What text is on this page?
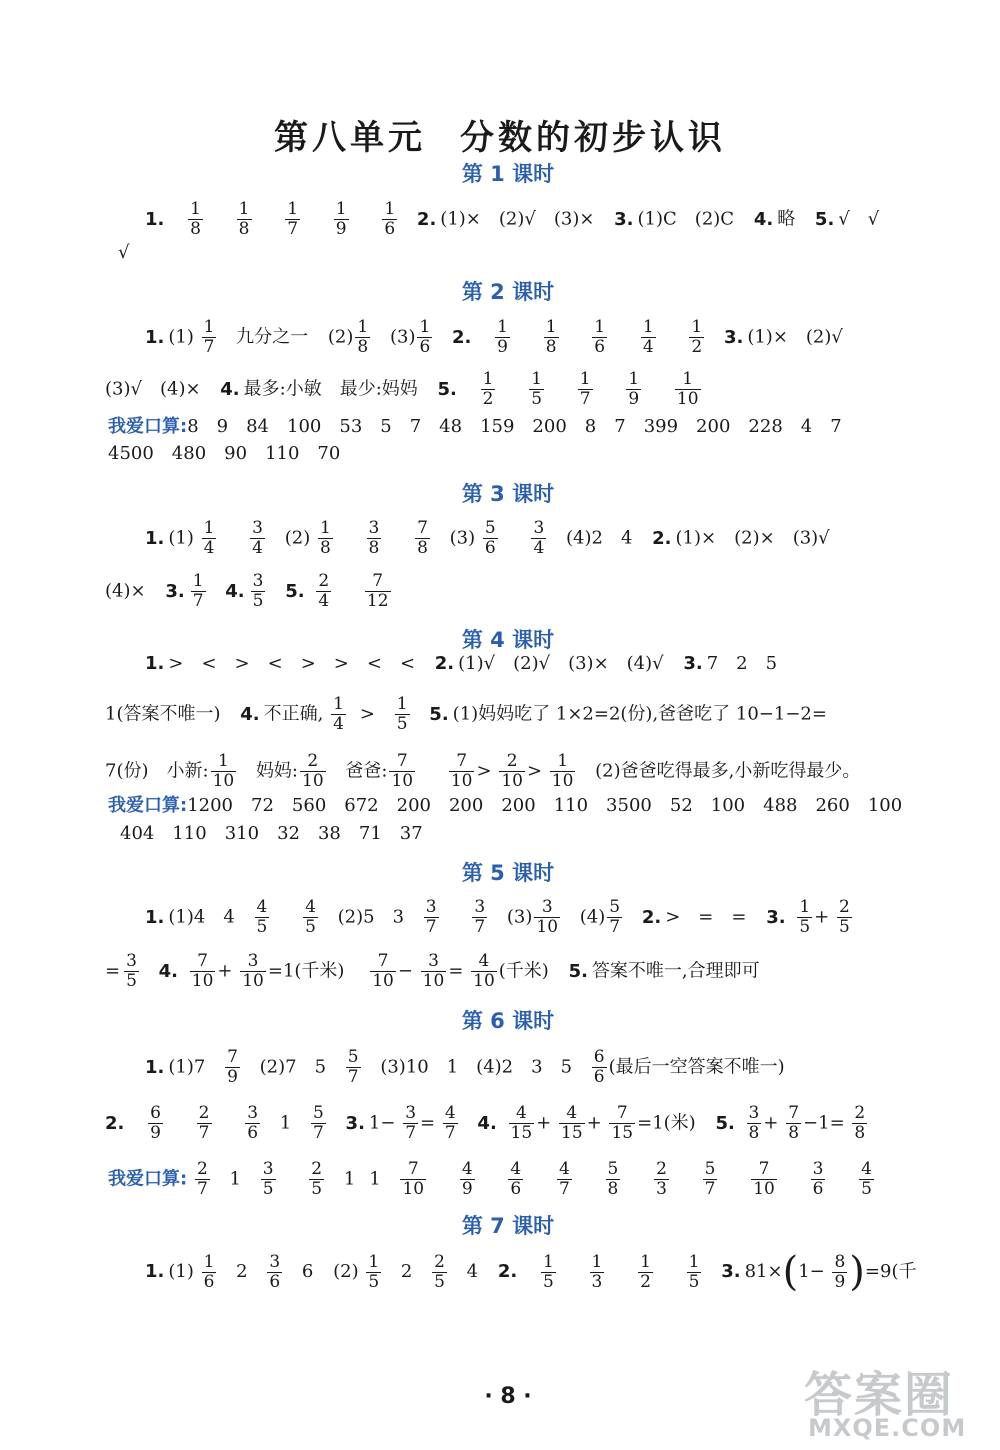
第八单元 分数的初步认识
第 1 课时
1. $\frac{1}{8}$
$\frac{1}{8}$
$\frac{1}{7}$
$\frac{1}{9}$
$\frac{1}{6} 2$. (1)×　(2)√　(3)× 3. (1)C　(2)C 4. 略 5. √　√
√
第 2 课时
1. $(1) \frac{1}{7}$ 九分之一 $(2) \frac{1}{8} (3) \frac{1}{6} 2$. $\frac{1}{9}$
$\frac{1}{8}$
$\frac{1}{6}$
$\frac{1}{4}$
$\frac{1}{2} 3$. (1)×　(2)√
(3)√　(4)× 4. 最多:小敏　最少:妈妈 5. $\frac{1}{2}$
$\frac{1}{5}$
$\frac{1}{7}$
$\frac{1}{9}$
$\frac{1}{10}$
我爱口算:8　9　84　100　53　5　7　48　159　200　8　7　399　200　228　4　7
4500　480　90　110　70
第 3 课时
1. $(1) \frac{1}{4}$
$\frac{3}{4} (2) \frac{1}{8}$
$\frac{3}{8}$
$\frac{7}{8} (3) \frac{5}{6}$
$\frac{3}{4} (4)2$　4 2. (1)×　(2)×　(3)√
(4)× 3. $\frac{1}{7} 4$. $\frac{3}{5} 5$. $\frac{2}{4}$
$\frac{7}{12}$
第 4 课时
1. >　<　>　<　>　>　<　< 2. (1)√　(2)√　(3)×　(4)√ 3. 7　2　5
1(答案不唯一) 4. 不正确, $\frac{1}{4} > \frac{1}{5} 5$. (1)妈妈吃了 1×2=2(份),爸爸吃了 10−1−2=
7(份)　小新: $\frac{1}{10}$ 妈妈: $\frac{2}{10}$ 爸爸: $\frac{7}{10}$
$\frac{7}{10} > \frac{2}{10} > \frac{1}{10} (2)$爸爸吃得最多,小新吃得最少。
我爱口算:1200　72　560　672　200　200　200　110　3500　52　100　488　260　100
404　110　310　32　38　71　37
第 5 课时
1. (1)4　$4 \frac{4}{5}$
$\frac{4}{5} (2)5$　$3 \frac{3}{7}$
$\frac{3}{7} (3) \frac{3}{10} (4) \frac{5}{7} 2$. >　=　= 3. $\frac{1}{5} + \frac{2}{5}$
= $\frac{3}{5} 4$. $\frac{7}{10} + \frac{3}{10} =1$(千米) $\frac{7}{10} - \frac{3}{10} = \frac{4}{10}$ (千米) 5. 答案不唯一,合理即可
第 6 课时
1. $(1)7 \frac{7}{9} (2)7$　$5 \frac{5}{7} (3)10$　1　(4)2　3　$5 \frac{6}{6}$ (最后一空答案不唯一)
2. $\frac{6}{9}$
$\frac{2}{7}$
$\frac{3}{6} 1 \frac{5}{7} 3$. $1- \frac{3}{7} = \frac{4}{7} 4$. $\frac{4}{15} + \frac{4}{15} + \frac{7}{15} =1$(米) 5. $\frac{3}{8} + \frac{7}{8} -1= \frac{2}{8}$
我爱口算: $\frac{2}{7} 1 \frac{3}{5}$
$\frac{2}{5} 1$ $1 \frac{7}{10}$
$\frac{4}{9}$
$\frac{4}{6}$
$\frac{4}{7}$
$\frac{5}{8}$
$\frac{2}{3}$
$\frac{5}{7}$
$\frac{7}{10}$
$\frac{3}{6}$
$\frac{4}{5}$
第 7 课时
1. $(1) \frac{1}{6} 2 \frac{3}{6} 6$ $(2) \frac{1}{5} 2 \frac{2}{5} 4$ 2. $\frac{1}{5}$
$\frac{1}{3}$
$\frac{1}{2}$
$\frac{1}{5} 3$. $81\times(1- \frac{8}{9} )=9$(千
· 8 ·	答案圈
MXQE.COM
